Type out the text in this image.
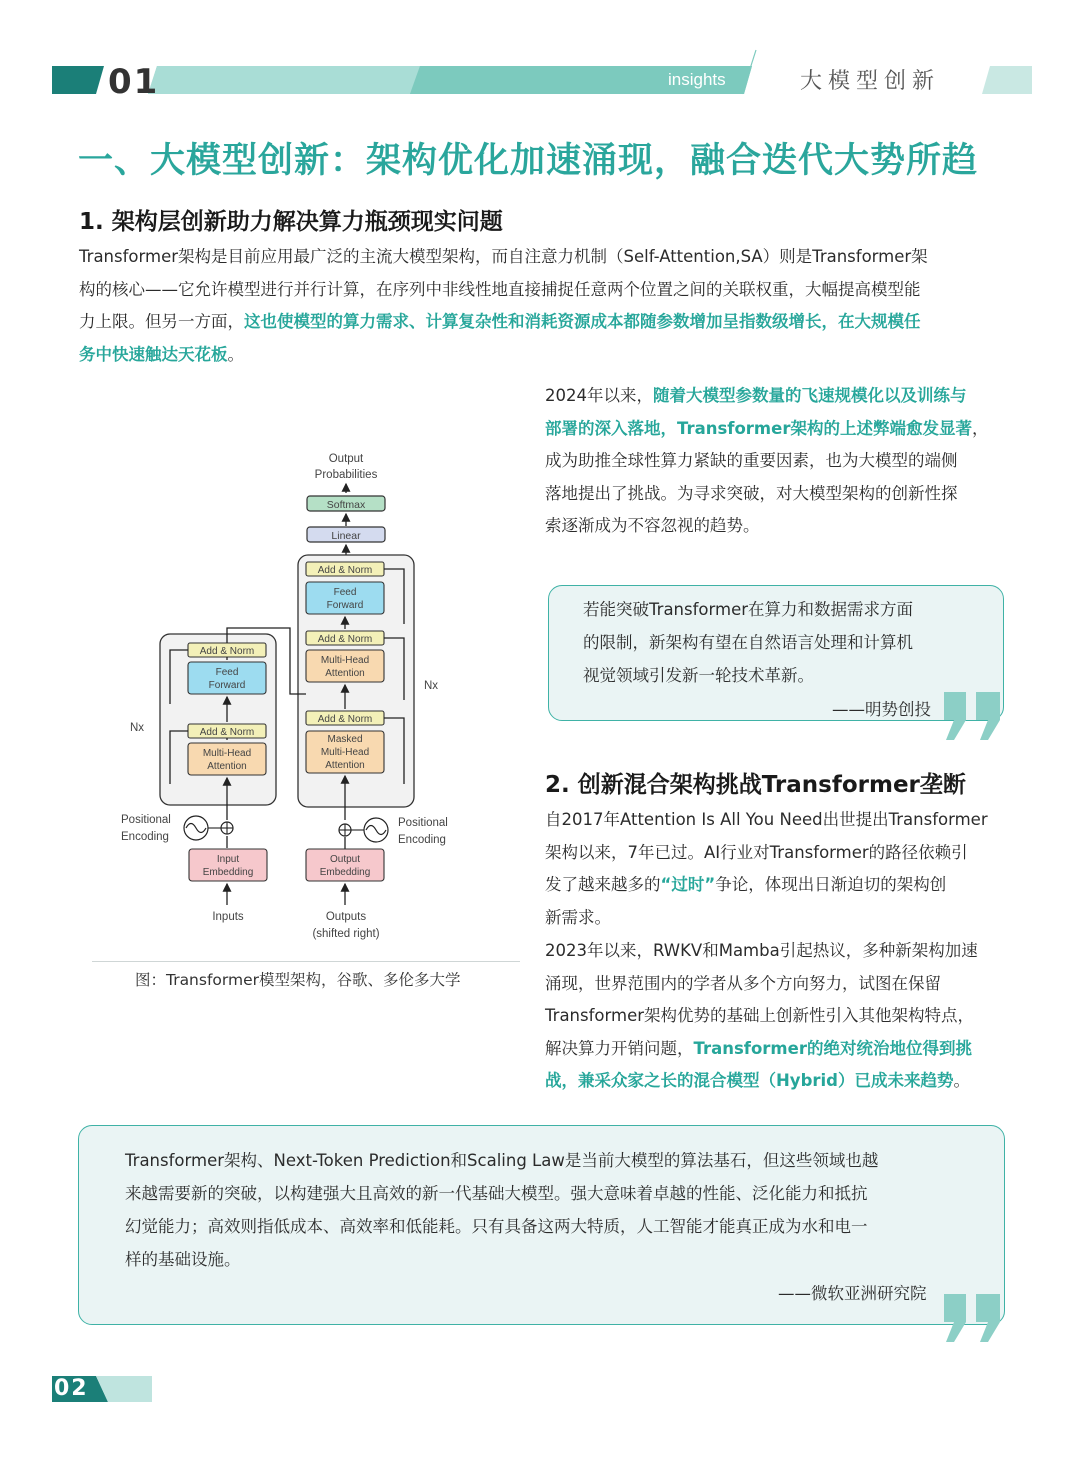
01	insights	大模型创新
一、大模型创新：架构优化加速涌现，融合迭代大势所趋
1. 架构层创新助力解决算力瓶颈现实问题
Transformer架构是目前应用最广泛的主流大模型架构，而自注意力机制（Self-Attention,SA）则是Transformer架
构的核心——它允许模型进行并行计算，在序列中非线性地直接捕捉任意两个位置之间的关联权重，大幅提高模型能
力上限。但另一方面，这也使模型的算力需求、计算复杂性和消耗资源成本都随参数增加呈指数级增长，在大规模任
务中快速触达天花板。
2024年以来，随着大模型参数量的飞速规模化以及训练与
部署的深入落地，Transformer架构的上述弊端愈发显著，
成为助推全球性算力紧缺的重要因素，也为大模型的端侧
落地提出了挑战。为寻求突破，对大模型架构的创新性探
索逐渐成为不容忽视的趋势。
若能突破Transformer在算力和数据需求方面
的限制，新架构有望在自然语言处理和计算机
视觉领域引发新一轮技术革新。
——明势创投
Output
Probabilities
Softmax
Linear
Add & Norm
Feed
Forward
Add & Norm
Multi-Head
Attention
Add & Norm
Masked
Multi-Head
Attention
Add & Norm
Feed
Forward
Add & Norm
Multi-Head
Attention
Nx
Nx
Positional
Encoding
Positional
Encoding
Input
Embedding
Output
Embedding
Inputs	Outputs
(shifted right)
图：Transformer模型架构，谷歌、多伦多大学
2. 创新混合架构挑战Transformer垄断
自2017年Attention Is All You Need出世提出Transformer
架构以来，7年已过。AI行业对Transformer的路径依赖引
发了越来越多的“过时”争论，体现出日渐迫切的架构创
新需求。
2023年以来，RWKV和Mamba引起热议，多种新架构加速
涌现，世界范围内的学者从多个方向努力，试图在保留
Transformer架构优势的基础上创新性引入其他架构特点，
解决算力开销问题，Transformer的绝对统治地位得到挑
战，兼采众家之长的混合模型（Hybrid）已成未来趋势。
Transformer架构、Next-Token Prediction和Scaling Law是当前大模型的算法基石，但这些领域也越
来越需要新的突破，以构建强大且高效的新一代基础大模型。强大意味着卓越的性能、泛化能力和抵抗
幻觉能力；高效则指低成本、高效率和低能耗。只有具备这两大特质，人工智能才能真正成为水和电一
样的基础设施。
——微软亚洲研究院
02
